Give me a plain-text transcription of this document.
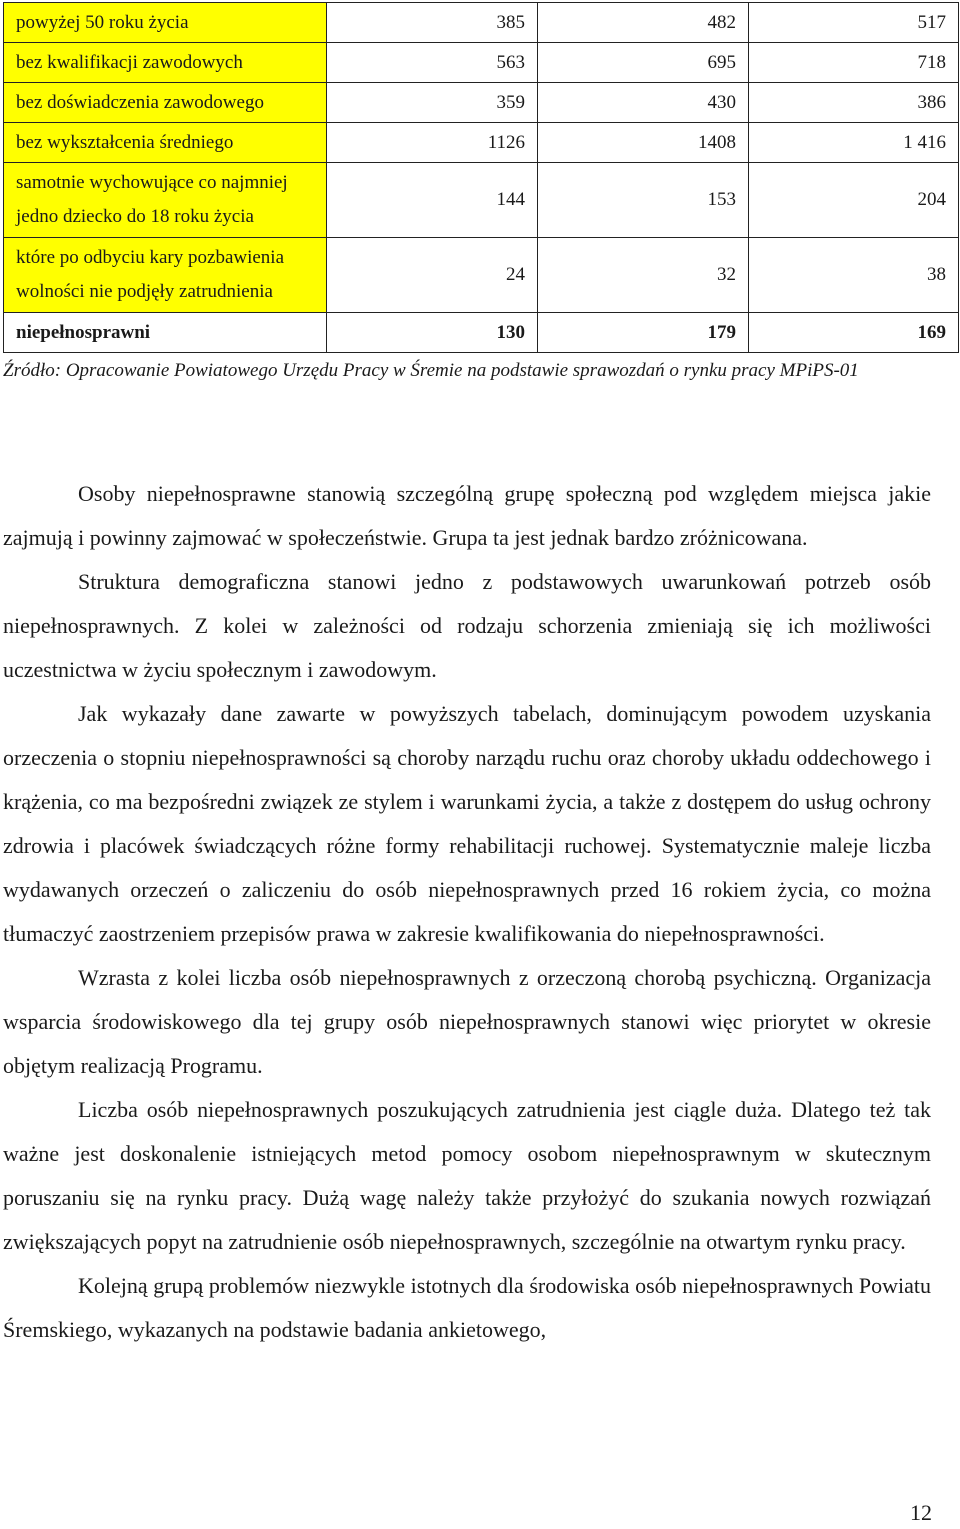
powyżej 50 roku życia	385	482	517
bez kwalifikacji zawodowych	563	695	718
bez doświadczenia zawodowego	359	430	386
bez wykształcenia średniego	1126	1408	1 416
samotnie wychowujące co najmniej
jedno dziecko do 18 roku życia	144	153	204
które po odbyciu kary pozbawienia
wolności nie podjęły zatrudnienia	24	32	38
niepełnosprawni	130	179	169
Źródło: Opracowanie Powiatowego Urzędu Pracy w Śremie na podstawie sprawozdań o rynku pracy MPiPS-01

Osoby niepełnosprawne stanowią szczególną grupę społeczną pod względem miejsca jakie zajmują i powinny zajmować w społeczeństwie. Grupa ta jest jednak bardzo zróżnicowana.

Struktura demograficzna stanowi jedno z podstawowych uwarunkowań potrzeb osób niepełnosprawnych. Z kolei w zależności od rodzaju schorzenia zmieniają się ich możliwości uczestnictwa w życiu społecznym i zawodowym.

Jak wykazały dane zawarte w powyższych tabelach, dominującym powodem uzyskania orzeczenia o stopniu niepełnosprawności są choroby narządu ruchu oraz choroby układu oddechowego i krążenia, co ma bezpośredni związek ze stylem i warunkami życia, a także z dostępem do usług ochrony zdrowia i placówek świadczących różne formy rehabilitacji ruchowej. Systematycznie maleje liczba wydawanych orzeczeń o zaliczeniu do osób niepełnosprawnych przed 16 rokiem życia, co można tłumaczyć zaostrzeniem przepisów prawa w zakresie kwalifikowania do niepełnosprawności.

Wzrasta z kolei liczba osób niepełnosprawnych z orzeczoną chorobą psychiczną. Organizacja wsparcia środowiskowego dla tej grupy osób niepełnosprawnych stanowi więc priorytet w okresie objętym realizacją Programu.

Liczba osób niepełnosprawnych poszukujących zatrudnienia jest ciągle duża. Dlatego też tak ważne jest doskonalenie istniejących metod pomocy osobom niepełnosprawnym w skutecznym poruszaniu się na rynku pracy. Dużą wagę należy także przyłożyć do szukania nowych rozwiązań zwiększających popyt na zatrudnienie osób niepełnosprawnych, szczególnie na otwartym rynku pracy.

Kolejną grupą problemów niezwykle istotnych dla środowiska osób niepełnosprawnych Powiatu Śremskiego, wykazanych na podstawie badania ankietowego,

12
